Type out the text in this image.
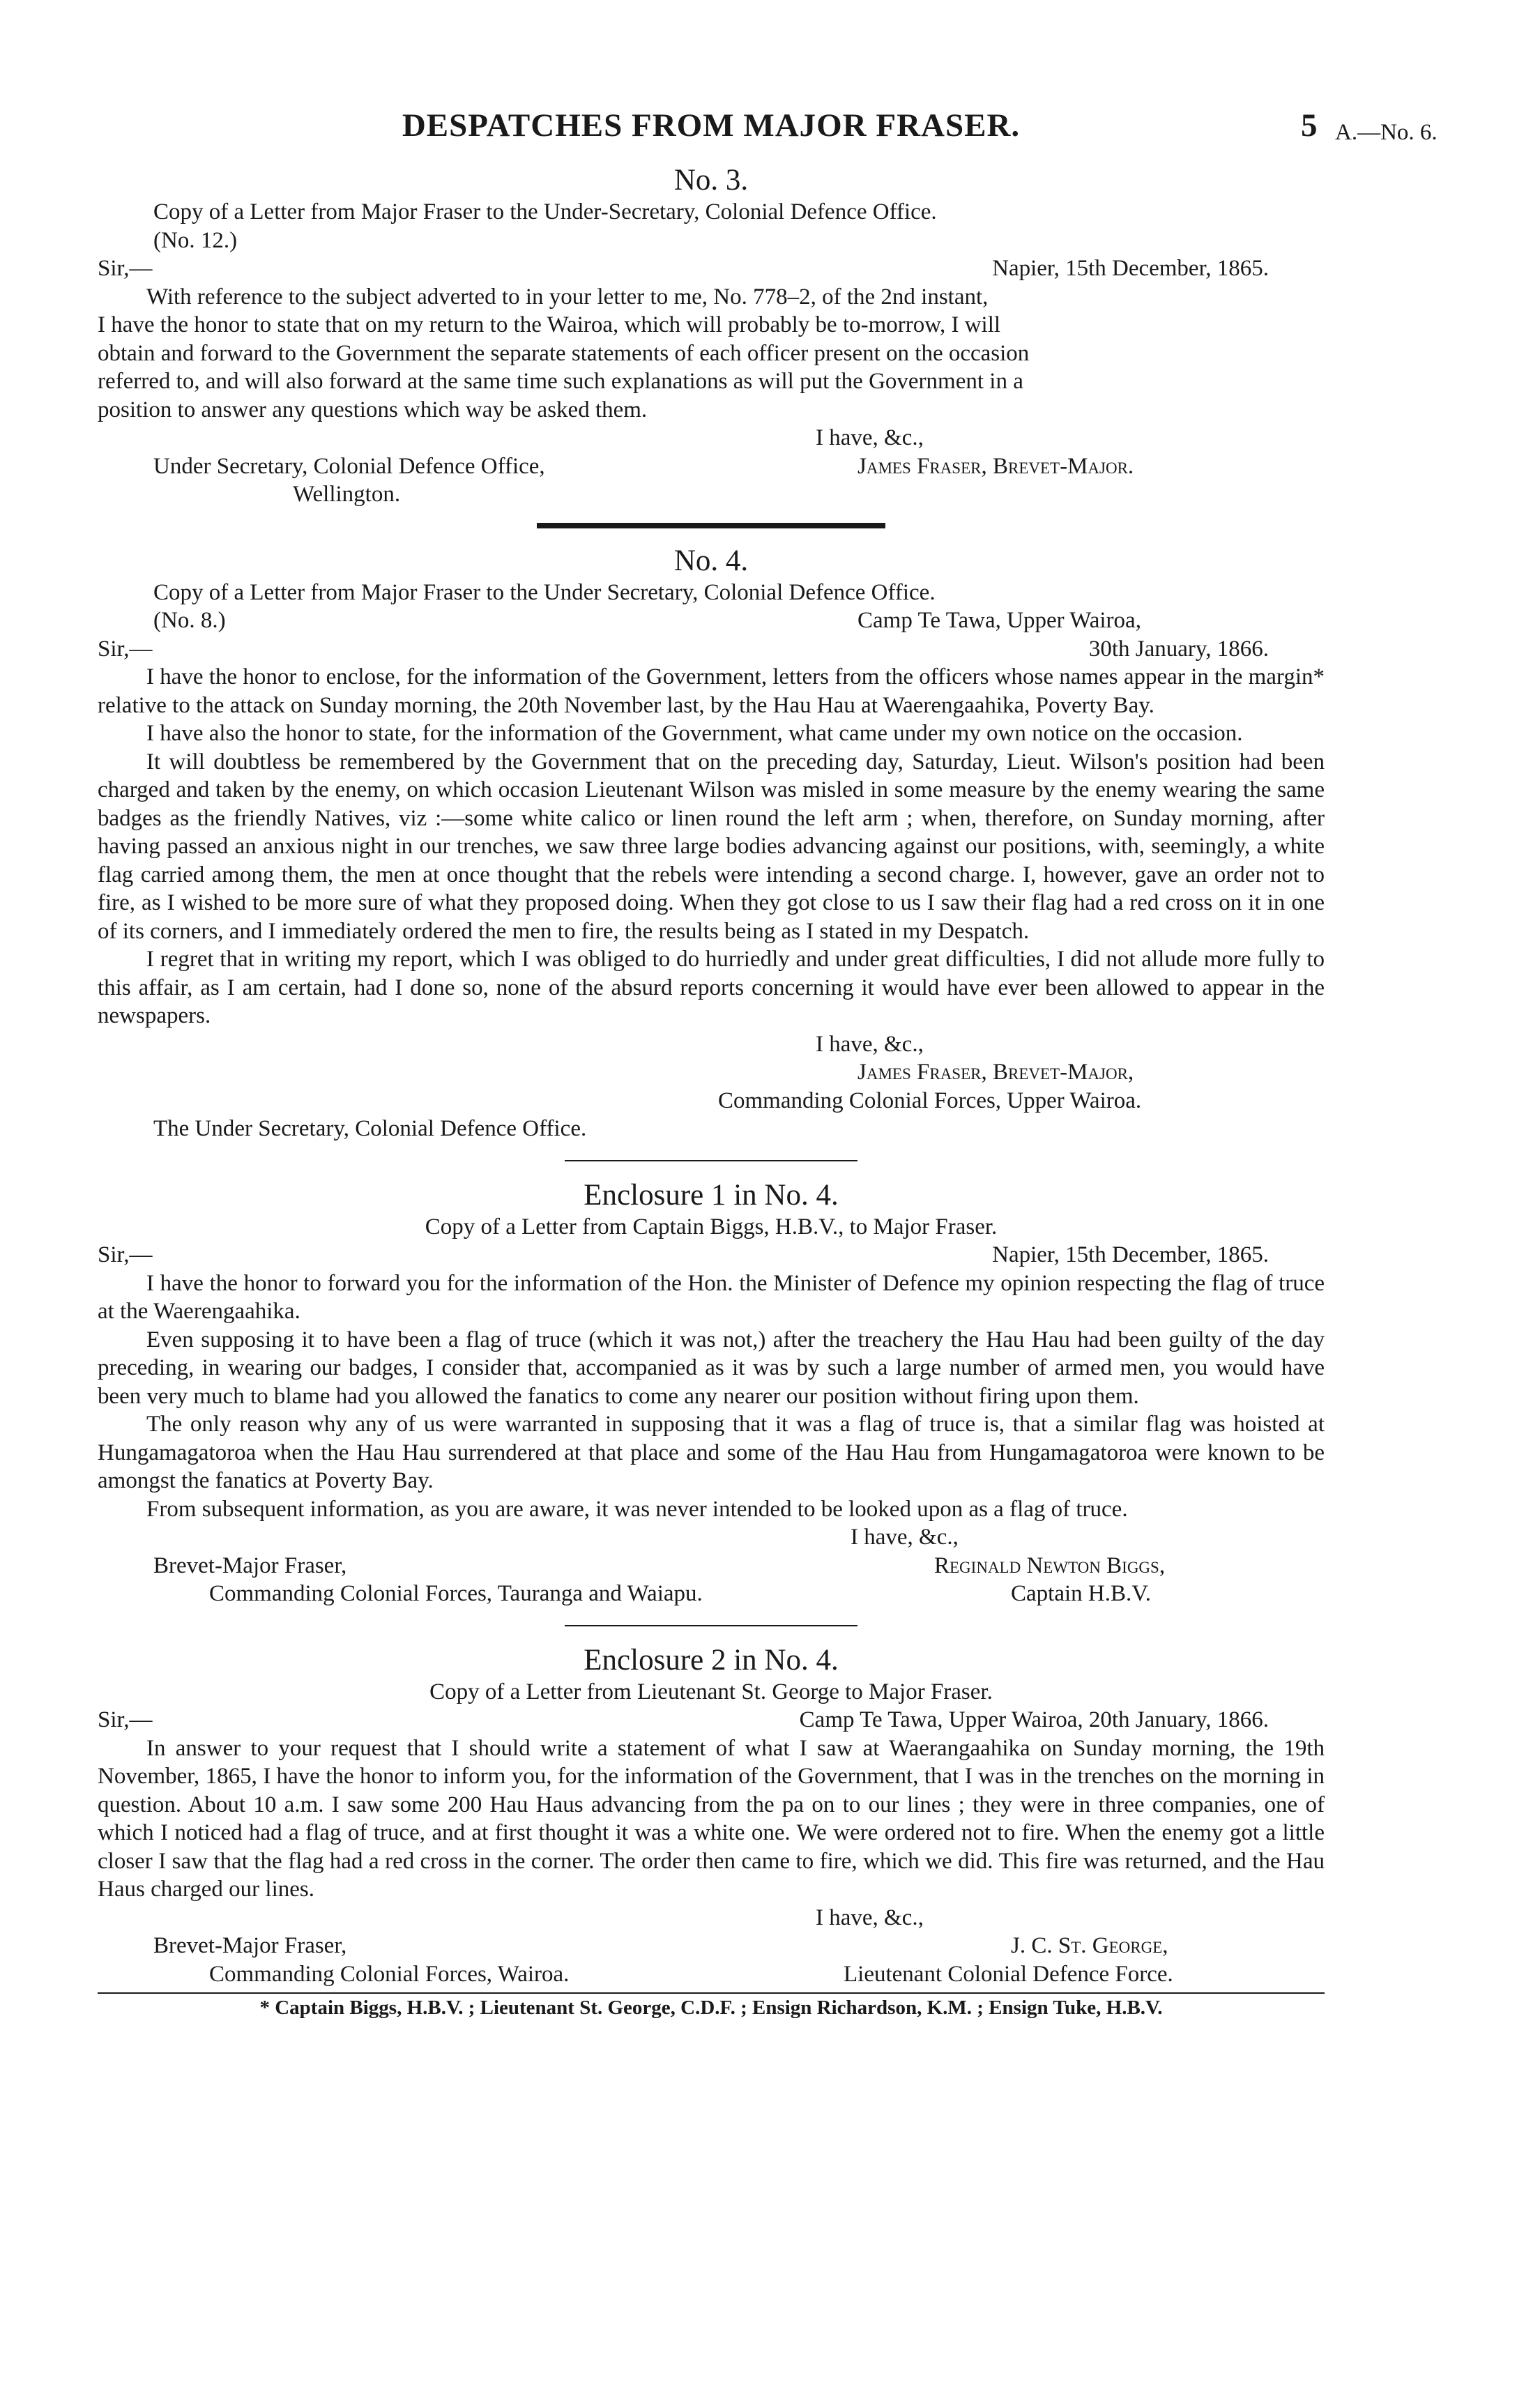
DESPATCHES FROM MAJOR FRASER.	5 A.—No. 6.
No. 3.
Copy of a Letter from Major Fraser to the Under-Secretary, Colonial Defence Office.
(No. 12.)
Sir,—	Napier, 15th December, 1865.
With reference to the subject adverted to in your letter to me, No. 778–2, of the 2nd instant,
I have the honor to state that on my return to the Wairoa, which will probably be to-morrow, I will
obtain and forward to the Government the separate statements of each officer present on the occasion
referred to, and will also forward at the same time such explanations as will put the Government in a
position to answer any questions which way be asked them.
I have, &c.,
Under Secretary, Colonial Defence Office,	James Fraser, Brevet-Major.
Wellington.
No. 4.
Copy of a Letter from Major Fraser to the Under Secretary, Colonial Defence Office.
(No. 8.)	Camp Te Tawa, Upper Wairoa,
Sir,—	30th January, 1866.

I have the honor to enclose, for the information of the Government, letters from the officers whose names appear in the margin* relative to the attack on Sunday morning, the 20th November last, by the Hau Hau at Waerengaahika, Poverty Bay.

I have also the honor to state, for the information of the Government, what came under my own notice on the occasion.

It will doubtless be remembered by the Government that on the preceding day, Saturday, Lieut. Wilson's position had been charged and taken by the enemy, on which occasion Lieutenant Wilson was misled in some measure by the enemy wearing the same badges as the friendly Natives, viz :—some white calico or linen round the left arm ; when, therefore, on Sunday morning, after having passed an anxious night in our trenches, we saw three large bodies advancing against our positions, with, seemingly, a white flag carried among them, the men at once thought that the rebels were intending a second charge. I, however, gave an order not to fire, as I wished to be more sure of what they proposed doing. When they got close to us I saw their flag had a red cross on it in one of its corners, and I immediately ordered the men to fire, the results being as I stated in my Despatch.

I regret that in writing my report, which I was obliged to do hurriedly and under great difficulties, I did not allude more fully to this affair, as I am certain, had I done so, none of the absurd reports concerning it would have ever been allowed to appear in the newspapers.

I have, &c.,
James Fraser, Brevet-Major,
Commanding Colonial Forces, Upper Wairoa.
The Under Secretary, Colonial Defence Office.
Enclosure 1 in No. 4.
Copy of a Letter from Captain Biggs, H.B.V., to Major Fraser.
Sir,—	Napier, 15th December, 1865.

I have the honor to forward you for the information of the Hon. the Minister of Defence my opinion respecting the flag of truce at the Waerengaahika.

Even supposing it to have been a flag of truce (which it was not,) after the treachery the Hau Hau had been guilty of the day preceding, in wearing our badges, I consider that, accompanied as it was by such a large number of armed men, you would have been very much to blame had you allowed the fanatics to come any nearer our position without firing upon them.

The only reason why any of us were warranted in supposing that it was a flag of truce is, that a similar flag was hoisted at Hungamagatoroa when the Hau Hau surrendered at that place and some of the Hau Hau from Hungamagatoroa were known to be amongst the fanatics at Poverty Bay.

From subsequent information, as you are aware, it was never intended to be looked upon as a flag of truce.

I have, &c.,
Brevet-Major Fraser,	Reginald Newton Biggs,
Commanding Colonial Forces, Tauranga and Waiapu.	Captain H.B.V.
Enclosure 2 in No. 4.
Copy of a Letter from Lieutenant St. George to Major Fraser.
Sir,—	Camp Te Tawa, Upper Wairoa, 20th January, 1866.

In answer to your request that I should write a statement of what I saw at Waerangaahika on Sunday morning, the 19th November, 1865, I have the honor to inform you, for the information of the Government, that I was in the trenches on the morning in question. About 10 a.m. I saw some 200 Hau Haus advancing from the pa on to our lines ; they were in three companies, one of which I noticed had a flag of truce, and at first thought it was a white one. We were ordered not to fire. When the enemy got a little closer I saw that the flag had a red cross in the corner. The order then came to fire, which we did. This fire was returned, and the Hau Haus charged our lines.

I have, &c.,
Brevet-Major Fraser,	J. C. St. George,
Commanding Colonial Forces, Wairoa.	Lieutenant Colonial Defence Force.
* Captain Biggs, H.B.V. ; Lieutenant St. George, C.D.F. ; Ensign Richardson, K.M. ; Ensign Tuke, H.B.V.
